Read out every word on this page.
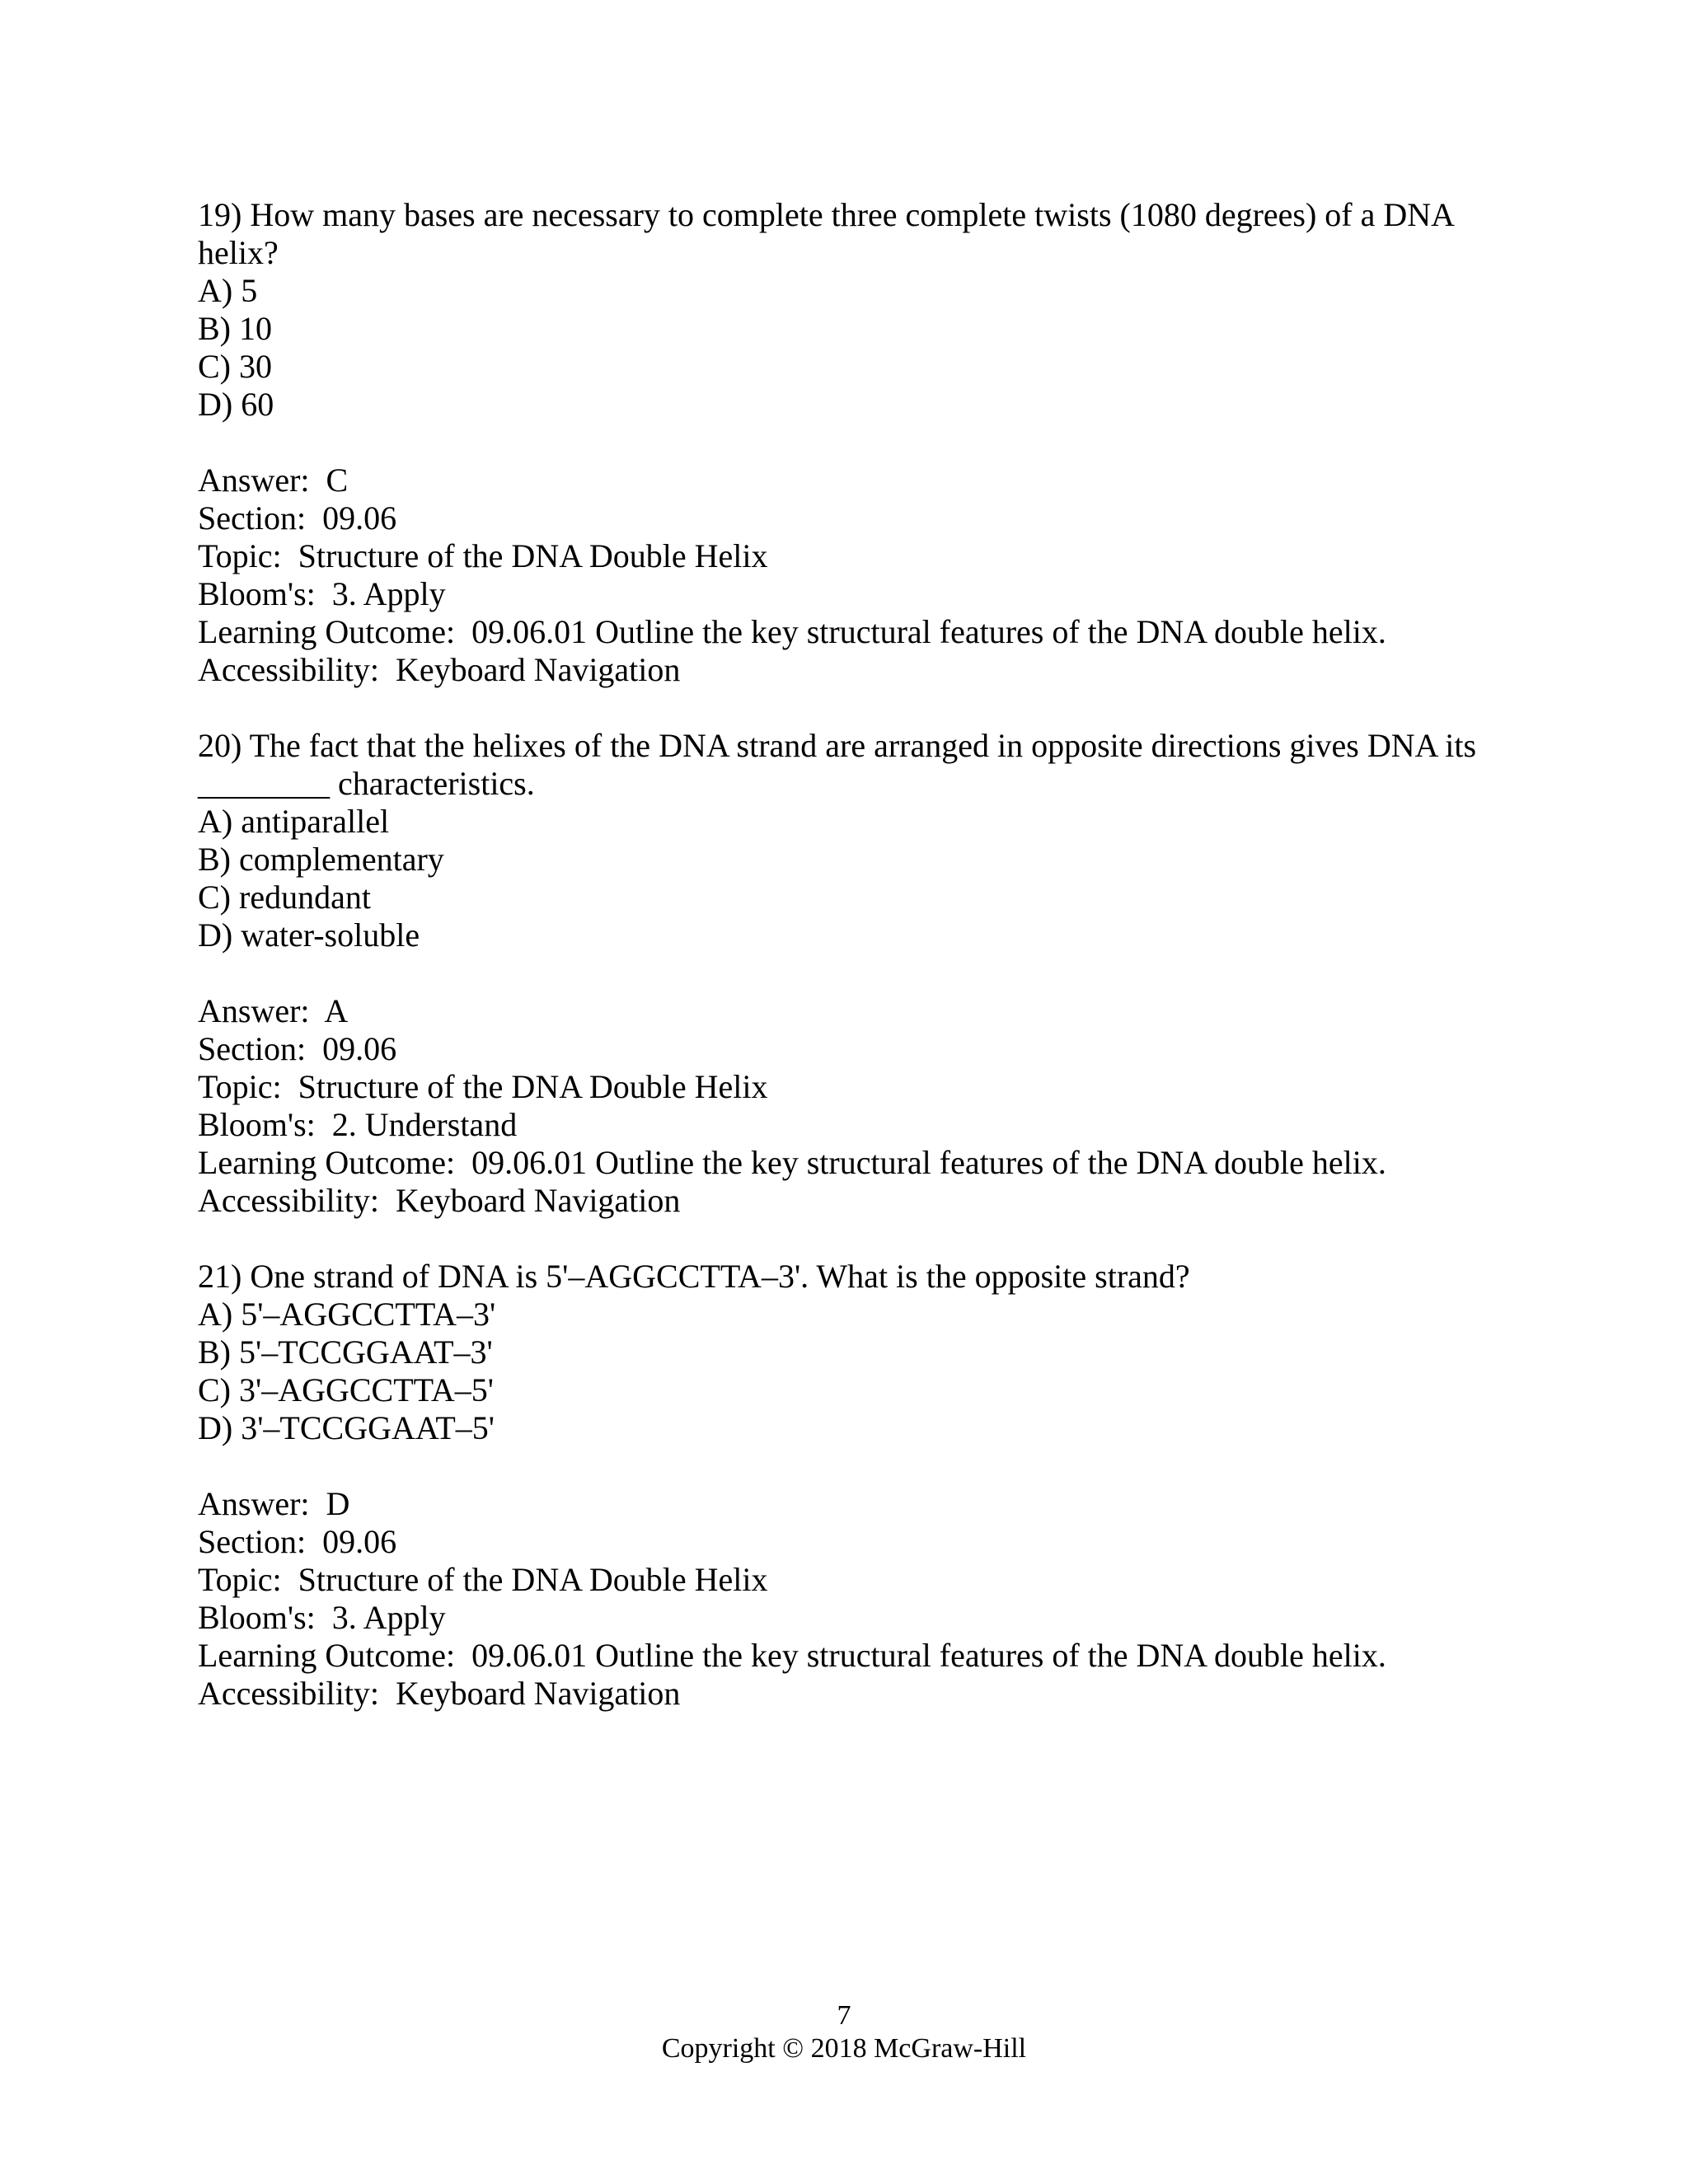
19) How many bases are necessary to complete three complete twists (1080 degrees) of a DNA
helix?
A) 5
B) 10
C) 30
D) 60
Answer:  C
Section:  09.06
Topic:  Structure of the DNA Double Helix
Bloom's:  3. Apply
Learning Outcome:  09.06.01 Outline the key structural features of the DNA double helix.
Accessibility:  Keyboard Navigation
20) The fact that the helixes of the DNA strand are arranged in opposite directions gives DNA its
________ characteristics.
A) antiparallel
B) complementary
C) redundant
D) water-soluble
Answer:  A
Section:  09.06
Topic:  Structure of the DNA Double Helix
Bloom's:  2. Understand
Learning Outcome:  09.06.01 Outline the key structural features of the DNA double helix.
Accessibility:  Keyboard Navigation
21) One strand of DNA is 5'–AGGCCTTA–3'. What is the opposite strand?
A) 5'–AGGCCTTA–3'
B) 5'–TCCGGAAT–3'
C) 3'–AGGCCTTA–5'
D) 3'–TCCGGAAT–5'
Answer:  D
Section:  09.06
Topic:  Structure of the DNA Double Helix
Bloom's:  3. Apply
Learning Outcome:  09.06.01 Outline the key structural features of the DNA double helix.
Accessibility:  Keyboard Navigation
7
Copyright © 2018 McGraw-Hill
